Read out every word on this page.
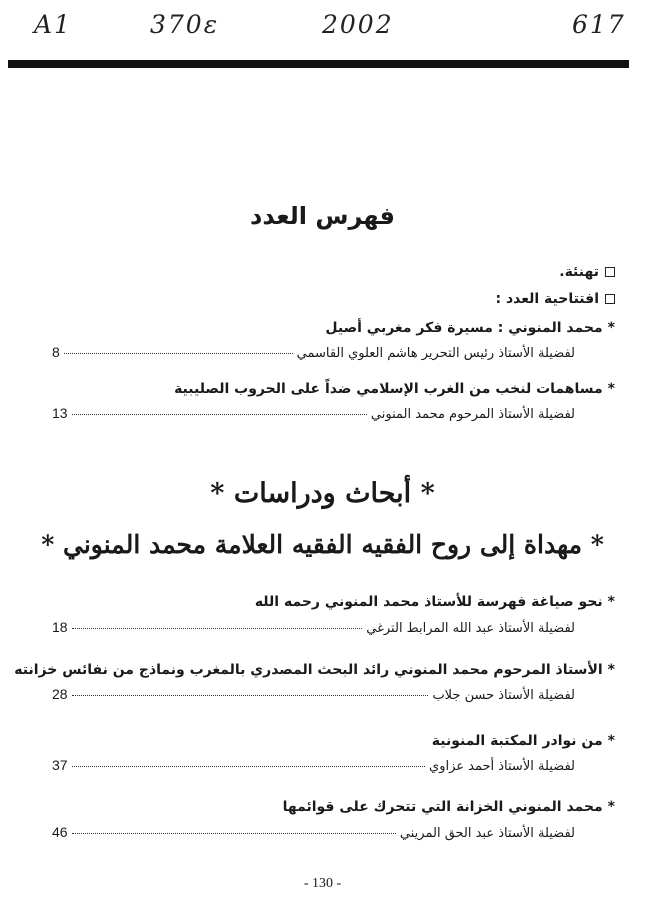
A1	370ε	2002	617
فهرس العدد
تهنئة.
افتتاحية العدد :
*محمد المنوني : مسيرة فكر مغربي أصيل
لفضيلة الأستاذ رئيس التحرير هاشم العلوي القاسمي
8
*مساهمات لنخب من الغرب الإسلامي ضداً على الحروب الصليبية
لفضيلة الأستاذ المرحوم محمد المنوني
13
* أبحاث ودراسات *
* مهداة إلى روح الفقيه الفقيه العلامة محمد المنوني *
*نحو صياغة فهرسة للأستاذ محمد المنوني رحمه الله
لفضيلة الأستاذ عبد الله المرابط الترغي
18
*الأستاذ المرحوم محمد المنوني رائد البحث المصدري بالمغرب ونماذج من نفائس خزانته
لفضيلة الأستاذ حسن جلاب
28
*من نوادر المكتبة المنونية
لفضيلة الأستاذ أحمد عزاوي
37
*محمد المنوني الخزانة التي تتحرك على قوائمها
لفضيلة الأستاذ عبد الحق المريني
46
- 130 -
